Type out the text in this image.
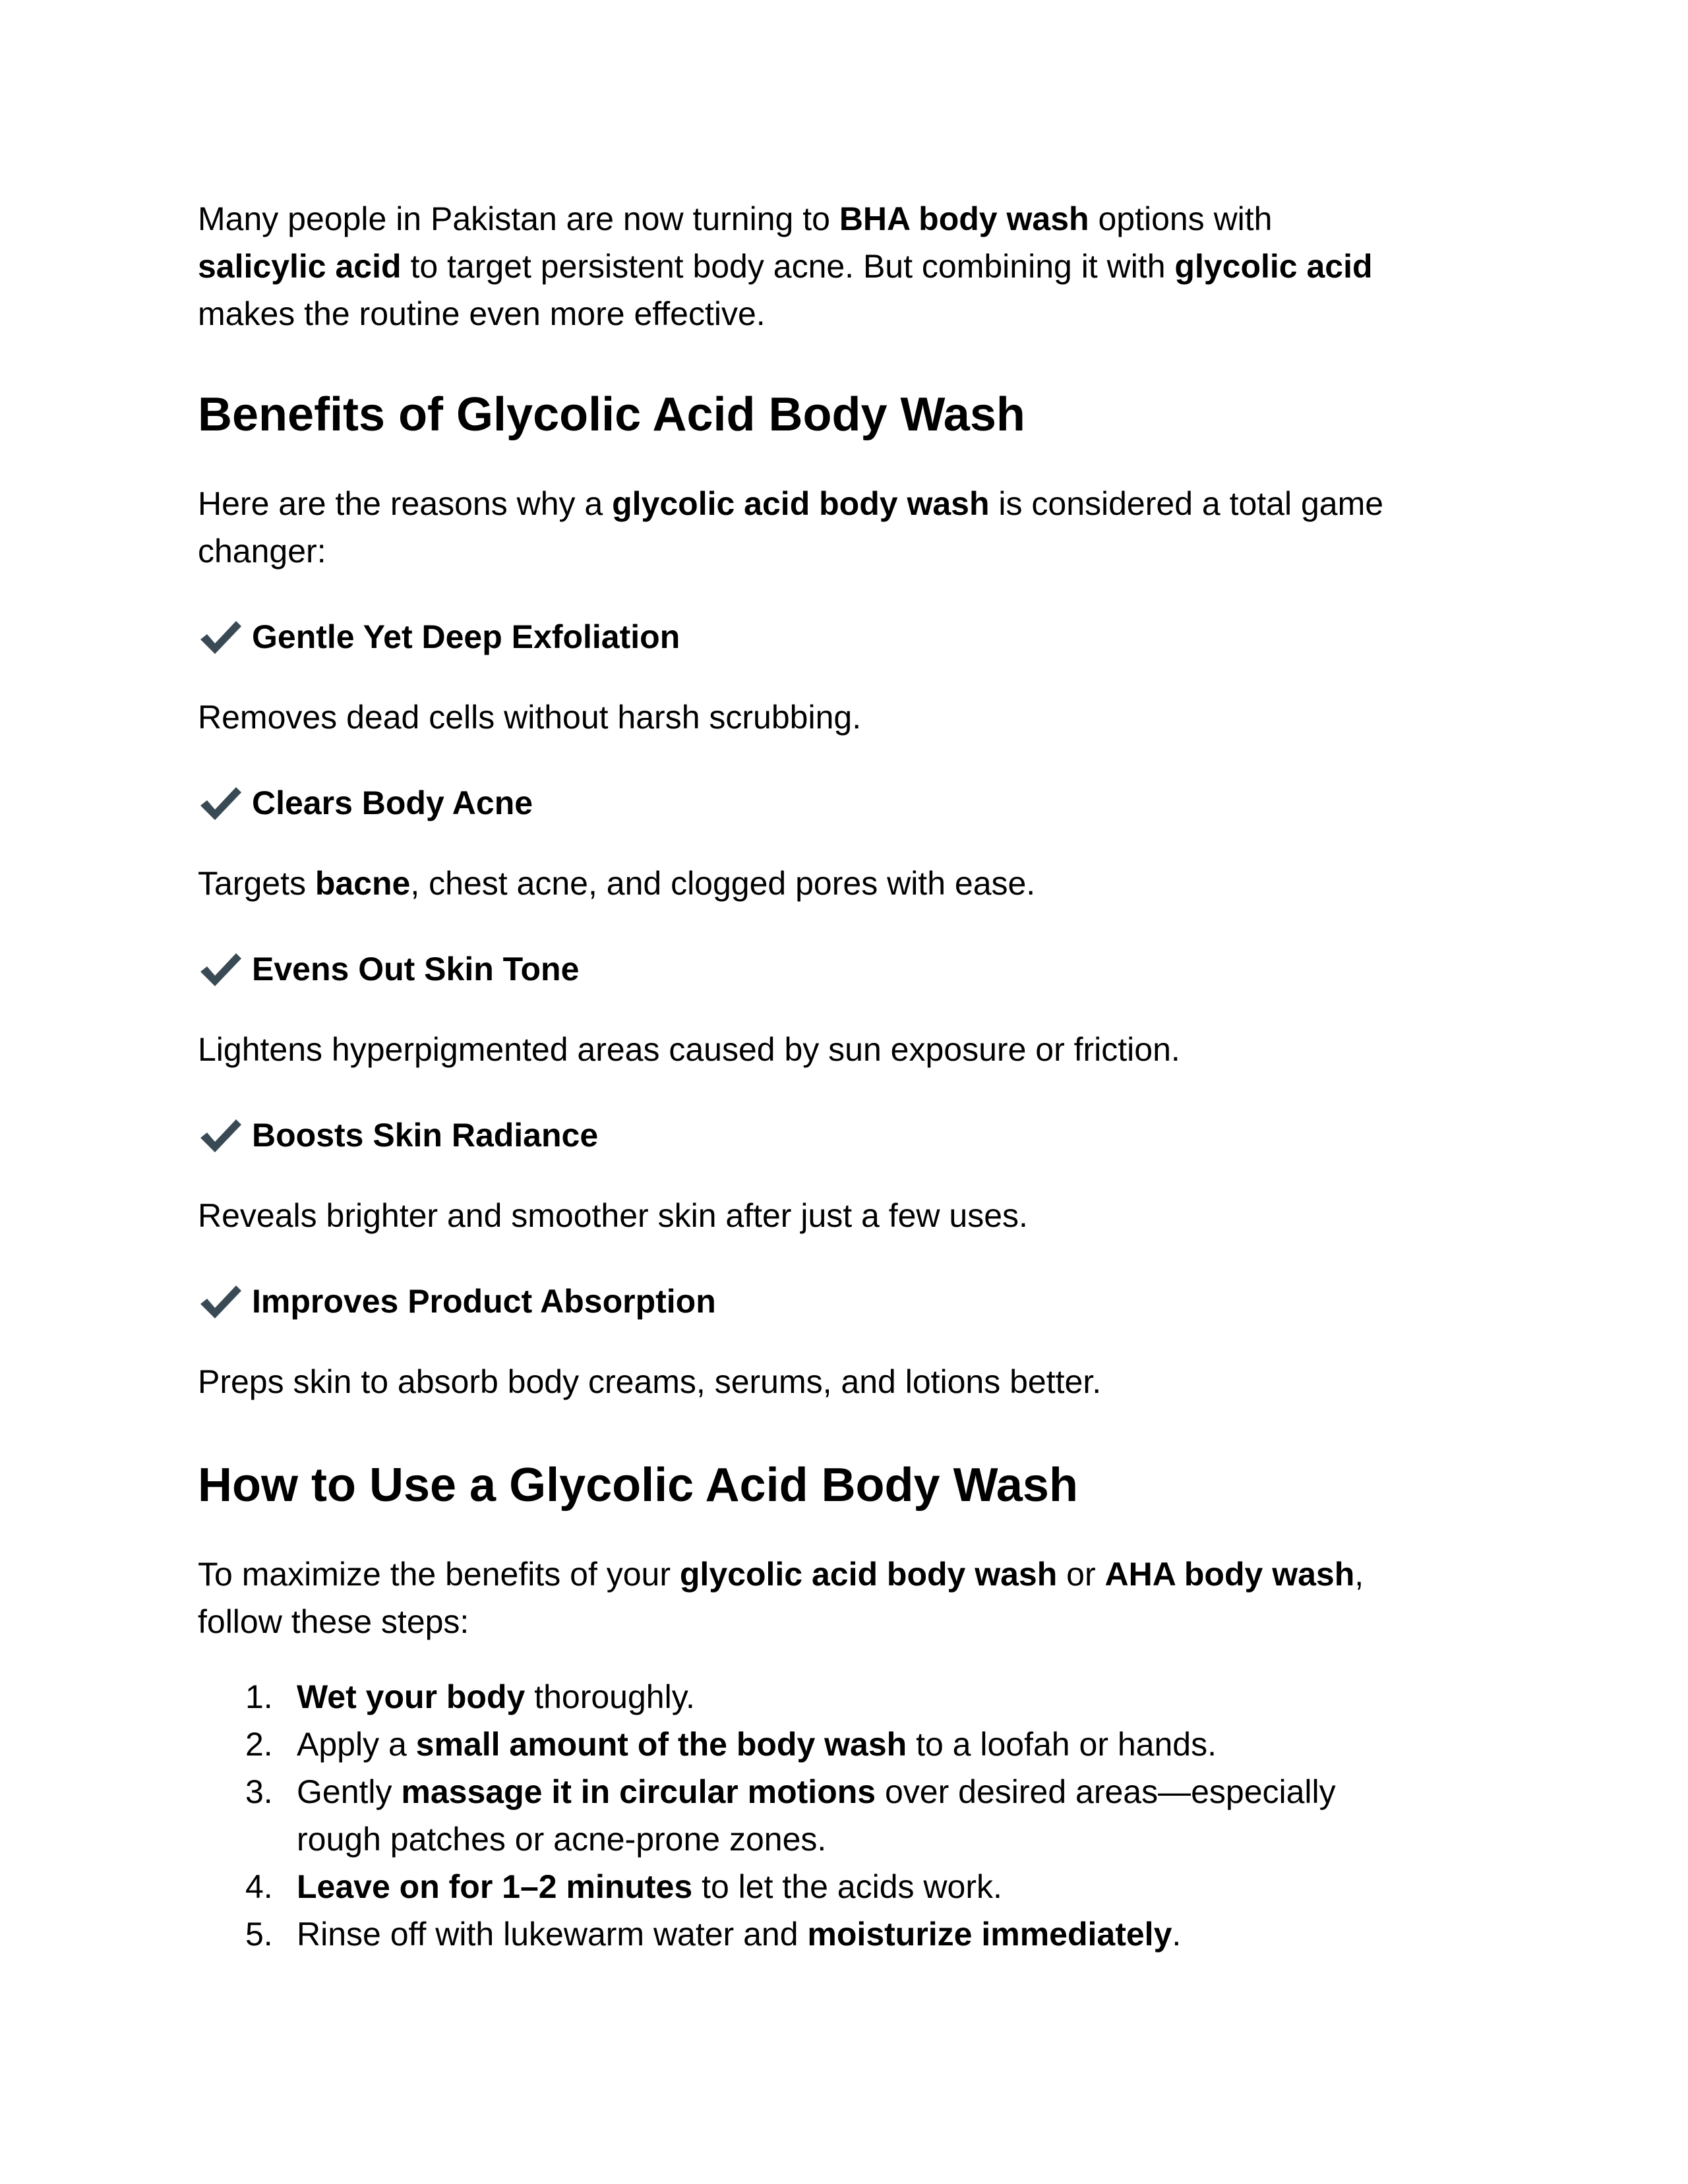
Many people in Pakistan are now turning to BHA body wash options with
salicylic acid to target persistent body acne. But combining it with glycolic acid
makes the routine even more effective.

Benefits of Glycolic Acid Body Wash

Here are the reasons why a glycolic acid body wash is considered a total game
changer:

Gentle Yet Deep Exfoliation

Removes dead cells without harsh scrubbing.

Clears Body Acne

Targets bacne, chest acne, and clogged pores with ease.

Evens Out Skin Tone

Lightens hyperpigmented areas caused by sun exposure or friction.

Boosts Skin Radiance

Reveals brighter and smoother skin after just a few uses.

Improves Product Absorption

Preps skin to absorb body creams, serums, and lotions better.

How to Use a Glycolic Acid Body Wash

To maximize the benefits of your glycolic acid body wash or AHA body wash,
follow these steps:

1. Wet your body thoroughly.
2. Apply a small amount of the body wash to a loofah or hands.
3. Gently massage it in circular motions over desired areas—especially
rough patches or acne-prone zones.
4. Leave on for 1–2 minutes to let the acids work.
5. Rinse off with lukewarm water and moisturize immediately.
